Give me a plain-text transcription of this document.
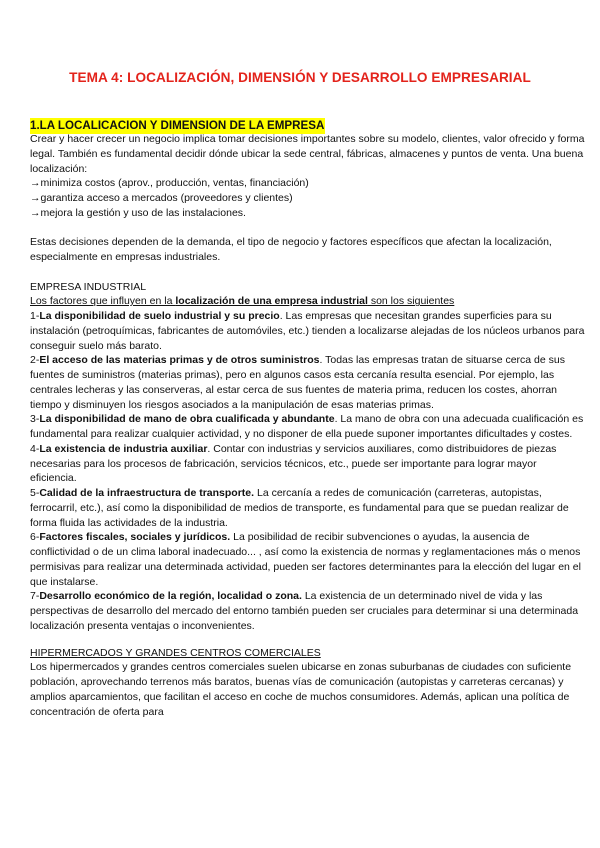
TEMA 4: LOCALIZACIÓN, DIMENSIÓN Y DESARROLLO EMPRESARIAL
1.LA LOCALICACION Y DIMENSION DE LA EMPRESA

Crear y hacer crecer un negocio implica tomar decisiones importantes sobre su modelo, clientes, valor ofrecido y forma legal. También es fundamental decidir dónde ubicar la sede central, fábricas, almacenes y puntos de venta. Una buena localización:

→minimiza costos (aprov., producción, ventas, financiación)

→garantiza acceso a mercados (proveedores y clientes)

→mejora la gestión y uso de las instalaciones.

Estas decisiones dependen de la demanda, el tipo de negocio y factores específicos que afectan la localización, especialmente en empresas industriales.

EMPRESA INDUSTRIAL

Los factores que influyen en la localización de una empresa industrial son los siguientes

1-La disponibilidad de suelo industrial y su precio. Las empresas que necesitan grandes superficies para su instalación (petroquímicas, fabricantes de automóviles, etc.) tienden a localizarse alejadas de los núcleos urbanos para conseguir suelo más barato.

2-El acceso de las materias primas y de otros suministros. Todas las empresas tratan de situarse cerca de sus fuentes de suministros (materias primas), pero en algunos casos esta cercanía resulta esencial. Por ejemplo, las centrales lecheras y las conserveras, al estar cerca de sus fuentes de materia prima, reducen los costes, ahorran tiempo y disminuyen los riesgos asociados a la manipulación de esas materias primas.

3-La disponibilidad de mano de obra cualificada y abundante. La mano de obra con una adecuada cualificación es fundamental para realizar cualquier actividad, y no disponer de ella puede suponer importantes dificultades y costes.

4-La existencia de industria auxiliar. Contar con industrias y servicios auxiliares, como distribuidores de piezas necesarias para los procesos de fabricación, servicios técnicos, etc., puede ser importante para lograr mayor eficiencia.

5-Calidad de la infraestructura de transporte. La cercanía a redes de comunicación (carreteras, autopistas, ferrocarril, etc.), así como la disponibilidad de medios de transporte, es fundamental para que se puedan realizar de forma fluida las actividades de la industria.

6-Factores fiscales, sociales y jurídicos. La posibilidad de recibir subvenciones o ayudas, la ausencia de conflictividad o de un clima laboral inadecuado... , así como la existencia de normas y reglamentaciones más o menos permisivas para realizar una determinada actividad, pueden ser factores determinantes para la elección del lugar en el que instalarse.

7-Desarrollo económico de la región, localidad o zona. La existencia de un determinado nivel de vida y las perspectivas de desarrollo del mercado del entorno también pueden ser cruciales para determinar si una determinada localización presenta ventajas o inconvenientes.

HIPERMERCADOS Y GRANDES CENTROS COMERCIALES

Los hipermercados y grandes centros comerciales suelen ubicarse en zonas suburbanas de ciudades con suficiente población, aprovechando terrenos más baratos, buenas vías de comunicación (autopistas y carreteras cercanas) y amplios aparcamientos, que facilitan el acceso en coche de muchos consumidores. Además, aplican una política de concentración de oferta para
